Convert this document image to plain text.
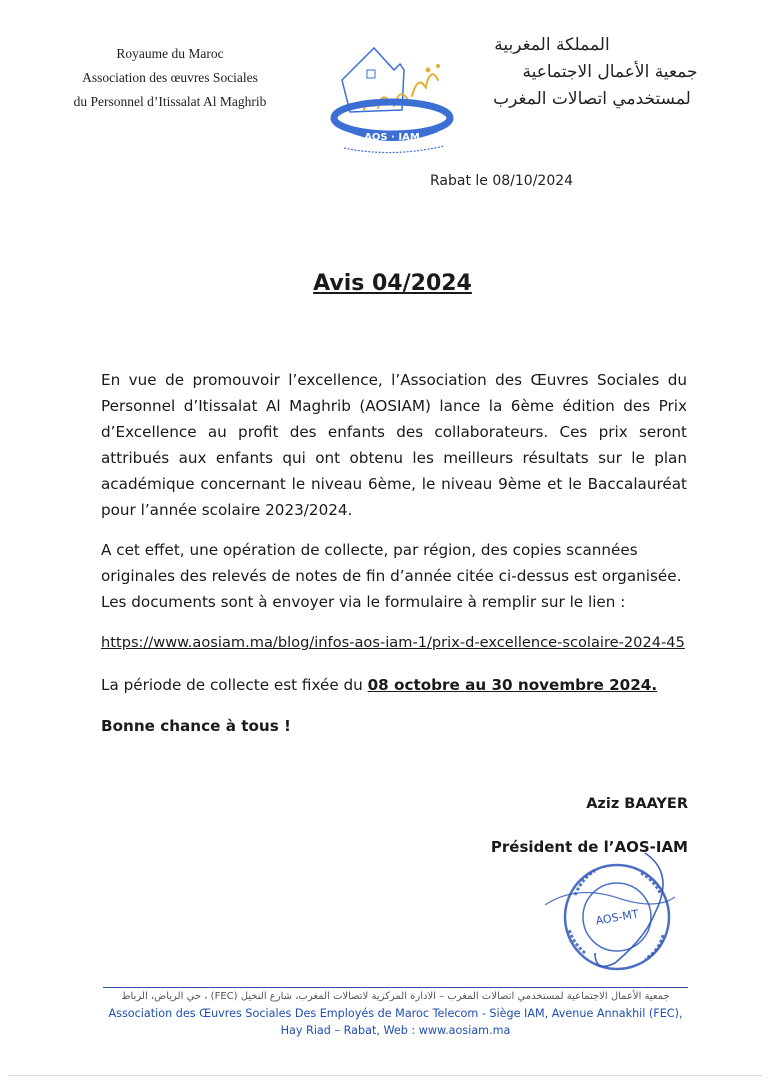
Royaume du Maroc
Association des œuvres Sociales
du Personnel d’Itissalat Al Maghrib
AOS · IAM
المملكة المغربية
جمعية الأعمال الاجتماعية
لمستخدمي اتصالات المغرب
Rabat le 08/10/2024
Avis 04/2024
En vue de promouvoir l’excellence, l’Association des Œuvres Sociales du Personnel d’Itissalat Al Maghrib (AOSIAM) lance la 6ème édition des Prix d’Excellence au profit des enfants des collaborateurs. Ces prix seront attribués aux enfants qui ont obtenu les meilleurs résultats sur le plan académique concernant le niveau 6ème, le niveau 9ème et le Baccalauréat pour l’année scolaire 2023/2024.
A cet effet, une opération de collecte, par région, des copies scannées originales des relevés de notes de fin d’année citée ci-dessus est organisée. Les documents sont à envoyer via le formulaire à remplir sur le lien :
https://www.aosiam.ma/blog/infos-aos-iam-1/prix-d-excellence-scolaire-2024-45
La période de collecte est fixée du 08 octobre au 30 novembre 2024.
Bonne chance à tous !
Aziz BAAYER
Président de l’AOS-IAM
AOS-MT
جمعية الأعمال الاجتماعية لمستخدمي اتصالات المغرب – الادارة المركزية لاتصالات المغرب، شارع النخيل (FEC) ، حي الرياض، الرباط
Association des Œuvres Sociales Des Employés de Maroc Telecom - Siège IAM, Avenue Annakhil (FEC), Hay Riad – Rabat, Web : www.aosiam.ma
